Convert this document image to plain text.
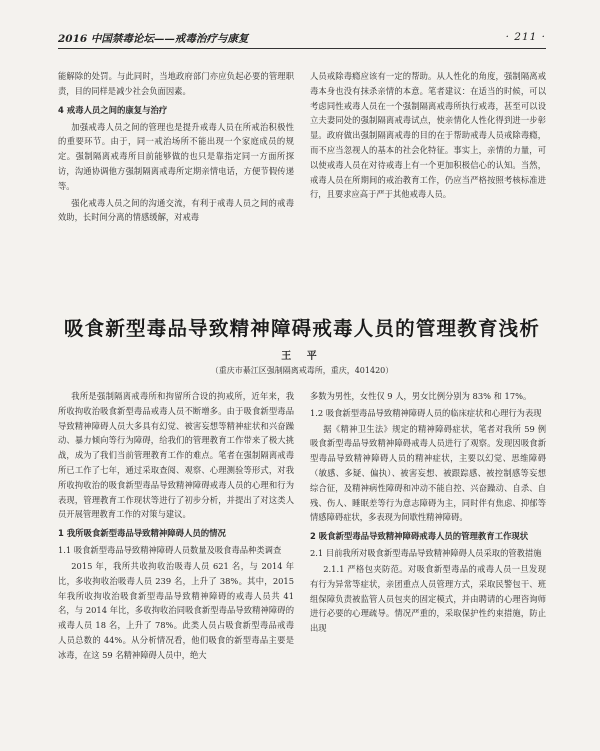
2016 中国禁毒论坛——戒毒治疗与康复	· 211 ·

能解除的处罚。与此同时，当地政府部门亦应负起必要的管理职责，目的同样是减少社会负面因素。

4 戒毒人员之间的康复与治疗

加强戒毒人员之间的管理也是提升戒毒人员在所戒治积极性的重要环节。由于，同一戒治场所不能出现一个家庭成员的规定。强制隔离戒毒所目前能够做的也只是靠指定同一方面所探访，沟通协调他方强制隔离戒毒所定期亲情电话，方便节假传递等。

强化戒毒人员之间的沟通交流，有利于戒毒人员之间的戒毒效助，长时间分离的情感缓解，对戒毒

人员戒除毒瘾应该有一定的帮助。从人性化的角度，强制隔离戒毒本身也没有抹杀亲情的本意。笔者建议：在适当的时候，可以考虑同性戒毒人员在一个强制隔离戒毒所执行戒毒，甚至可以设立夫妻同处的强制隔离戒毒试点，使亲情化人性化得到进一步彰显。政府做出强制隔离戒毒的目的在于帮助戒毒人员戒除毒瘾，而不应当忽视人的基本的社会化特征。事实上，亲情的力量，可以使戒毒人员在对待戒毒上有一个更加积极信心的认知。当然，戒毒人员在所期间的戒治教育工作，仍应当严格按照考核标准进行，且要求应高于严于其他戒毒人员。

吸食新型毒品导致精神障碍戒毒人员的管理教育浅析
王 平
（重庆市綦江区强制隔离戒毒所，重庆，401420）

我所是强制隔离戒毒所和拘留所合设的拘戒所，近年来，我所收拘收治吸食新型毒品戒毒人员不断增多。由于吸食新型毒品导致精神障碍人员大多具有幻觉、被害妄想等精神症状和兴奋躁动、暴力倾向等行为障碍，给我们的管理教育工作带来了极大挑战，成为了我们当前管理教育工作的难点。笔者在强制隔离戒毒所已工作了七年，通过采取查阅、观察、心理测验等形式，对我所收拘收治的吸食新型毒品导致精神障碍戒毒人员的心理和行为表现，管理教育工作现状等进行了初步分析，并提出了对这类人员开展管理教育工作的对策与建议。

1 我所吸食新型毒品导致精神障碍人员的情况
1.1 吸食新型毒品导致精神障碍人员数量及吸食毒品种类调查

2015 年，我所共收拘收治吸毒人员 621 名，与 2014 年比，多收拘收治吸毒人员 239 名，上升了 38%。其中，2015 年我所收拘收治吸食新型毒品导致精神障碍的戒毒人员共 41 名，与 2014 年比，多收拘收治同吸食新型毒品导致精神障碍的戒毒人员 18 名，上升了 78%。此类人员占吸食新型毒品戒毒人员总数的 44%。从分析情况看，他们吸食的新型毒品主要是冰毒，在这 59 名精神障碍人员中，绝大

多数为男性，女性仅 9 人，男女比例分别为 83% 和 17%。

1.2 吸食新型毒品导致精神障碍人员的临床症状和心理行为表现

据《精神卫生法》规定的精神障碍症状，笔者对我所 59 例吸食新型毒品导致精神障碍戒毒人员进行了观察。发现因吸食新型毒品导致精神障碍人员的精神症状，主要以幻觉、思维障碍（敏感、多疑、偏执）、被害妄想、被跟踪感、被控制感等妄想综合征，及精神病性障碍和冲动不能自控、兴奋躁动、自杀、自残、伤人、睡眠差等行为意志障碍为主，同时伴有焦虑、抑郁等情感障碍症状，多表现为间歇性精神障碍。

2 吸食新型毒品导致精神障碍戒毒人员的管理教育工作现状
2.1 目前我所对吸食新型毒品导致精神障碍人员采取的管教措施

2.1.1 严格包夹防范。对吸食新型毒品的戒毒人员一旦发现有行为异常等症状，亲团重点人员管理方式，采取民警包干、班组保障负责被监管人员包夹的固定模式，并由聘请的心理咨询师进行必要的心理疏导。情况严重的，采取保护性约束措施，防止出现
